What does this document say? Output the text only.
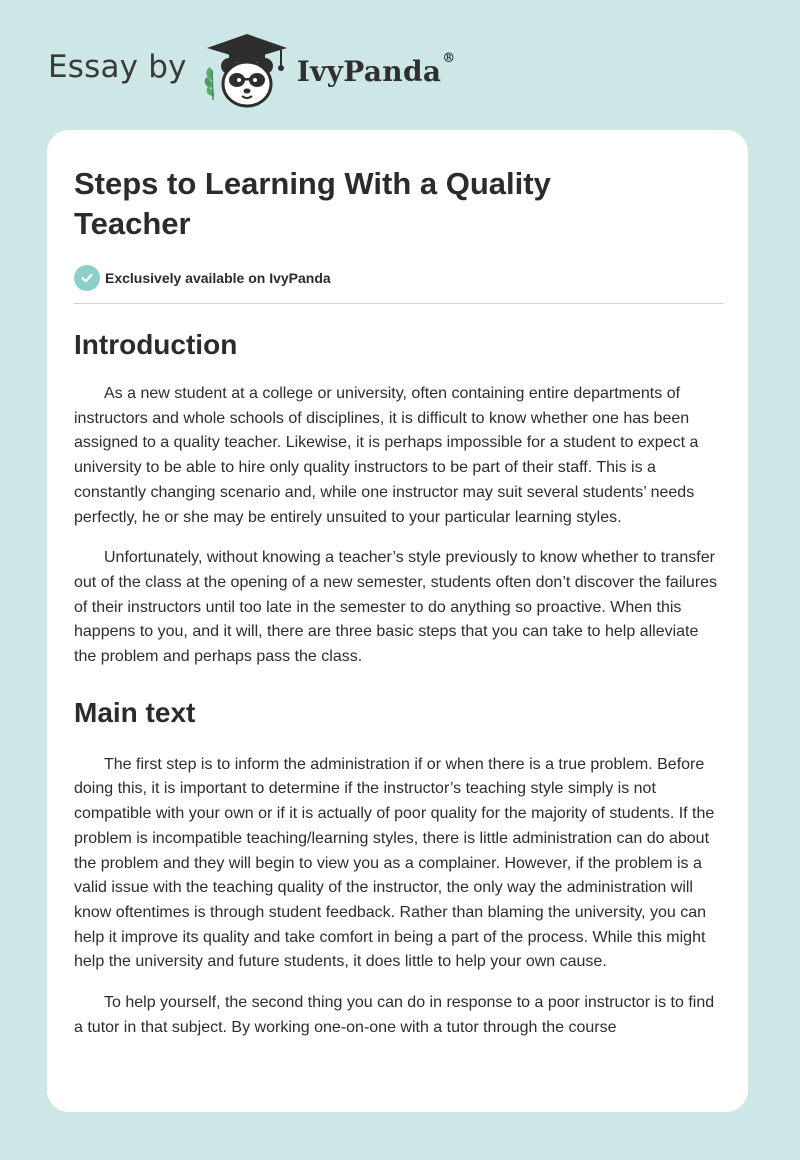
Essay by	IvyPanda®
Steps to Learning With a Quality Teacher
Exclusively available on IvyPanda
Introduction

As a new student at a college or university, often containing entire departments of instructors and whole schools of disciplines, it is difficult to know whether one has been assigned to a quality teacher. Likewise, it is perhaps impossible for a student to expect a university to be able to hire only quality instructors to be part of their staff. This is a constantly changing scenario and, while one instructor may suit several students’ needs perfectly, he or she may be entirely unsuited to your particular learning styles.

Unfortunately, without knowing a teacher’s style previously to know whether to transfer out of the class at the opening of a new semester, students often don’t discover the failures of their instructors until too late in the semester to do anything so proactive. When this happens to you, and it will, there are three basic steps that you can take to help alleviate the problem and perhaps pass the class.

Main text

The first step is to inform the administration if or when there is a true problem. Before doing this, it is important to determine if the instructor’s teaching style simply is not compatible with your own or if it is actually of poor quality for the majority of students. If the problem is incompatible teaching/learning styles, there is little administration can do about the problem and they will begin to view you as a complainer. However, if the problem is a valid issue with the teaching quality of the instructor, the only way the administration will know oftentimes is through student feedback. Rather than blaming the university, you can help it improve its quality and take comfort in being a part of the process. While this might help the university and future students, it does little to help your own cause.

To help yourself, the second thing you can do in response to a poor instructor is to find a tutor in that subject. By working one-on-one with a tutor through the course
